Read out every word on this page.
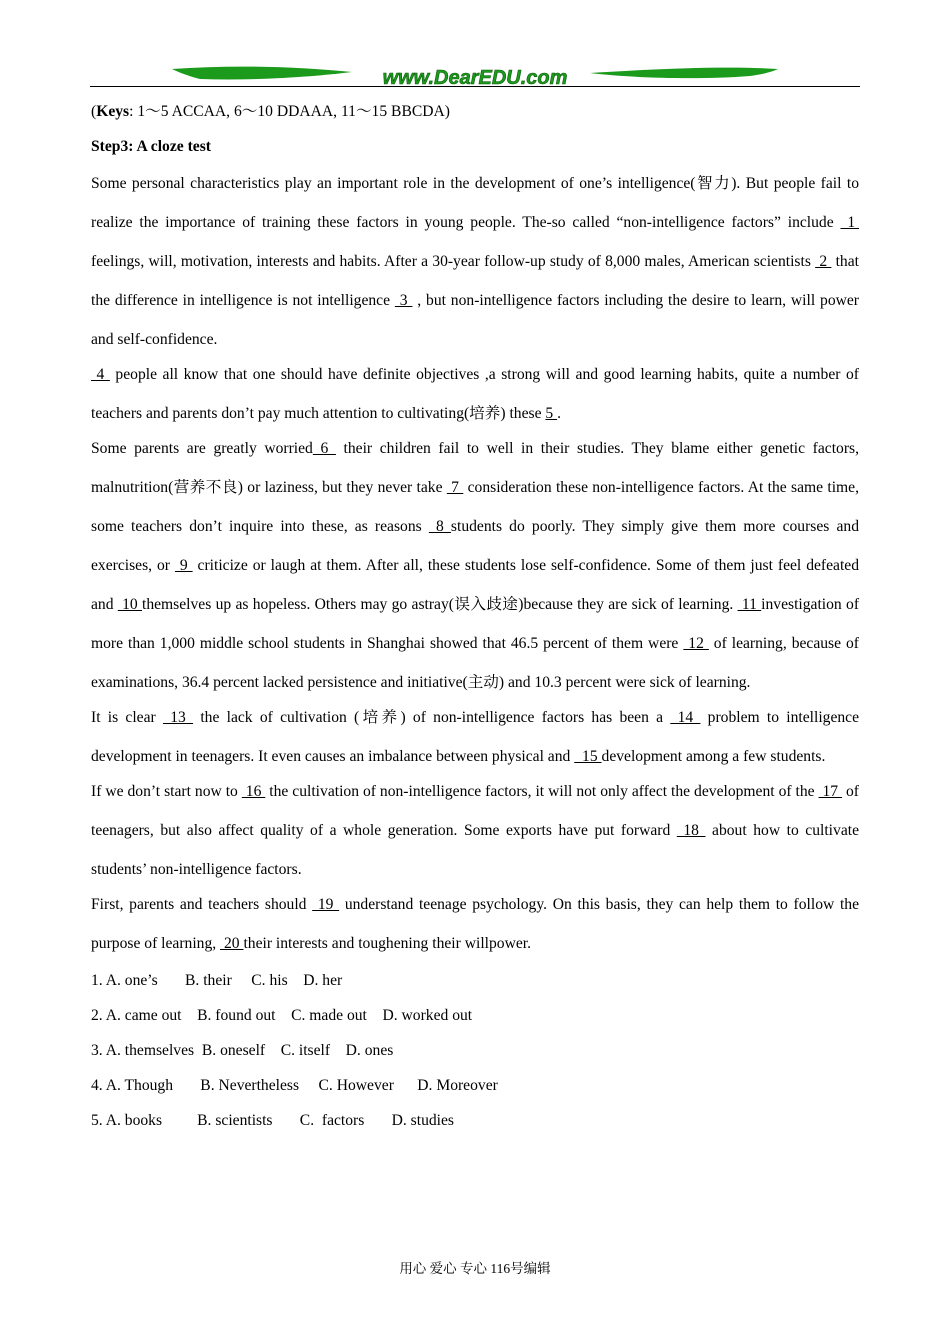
www.DearEDU.com

(Keys: 1～5 ACCAA, 6～10 DDAAA, 11～15 BBCDA)

Step3: A cloze test

Some personal characteristics play an important role in the development of one’s intelligence(智力). But people fail to realize the importance of training these factors in young people. The-so called “non-intelligence factors” include  1  feelings, will, motivation, interests and habits. After a 30-year follow-up study of 8,000 males, American scientists  2  that the difference in intelligence is not intelligence  3  , but non-intelligence factors including the desire to learn, will power and self-confidence.

4  people all know that one should have definite objectives ,a strong will and good learning habits, quite a number of teachers and parents don’t pay much attention to cultivating(培养) these 5 .

Some parents are greatly worried 6  their children fail to well in their studies. They blame either genetic factors, malnutrition(营养不良) or laziness, but they never take  7  consideration these non-intelligence factors. At the same time, some teachers don’t inquire into these, as reasons  8 students do poorly. They simply give them more courses and exercises, or  9  criticize or laugh at them. After all, these students lose self-confidence. Some of them just feel defeated and  10 themselves up as hopeless. Others may go astray(误入歧途)because they are sick of learning.  11 investigation of more than 1,000 middle school students in Shanghai showed that 46.5 percent of them were  12  of learning, because of examinations, 36.4 percent lacked persistence and initiative(主动) and 10.3 percent were sick of learning.

It is clear  13  the lack of cultivation (培养) of non-intelligence factors has been a  14  problem to intelligence development in teenagers. It even causes an imbalance between physical and   15 development among a few students.

If we don’t start now to  16  the cultivation of non-intelligence factors, it will not only affect the development of the  17  of teenagers, but also affect quality of a whole generation. Some exports have put forward  18  about how to cultivate students’ non-intelligence factors.

First, parents and teachers should  19  understand teenage psychology. On this basis, they can help them to follow the purpose of learning,  20 their interests and toughening their willpower.

1. A. one’s       B. their     C. his    D. her
2. A. came out    B. found out    C. made out    D. worked out
3. A. themselves  B. oneself    C. itself    D. ones
4. A. Though       B. Nevertheless     C. However      D. Moreover
5. A. books         B. scientists       C.  factors       D. studies
用心 爱心 专心 116号编辑
